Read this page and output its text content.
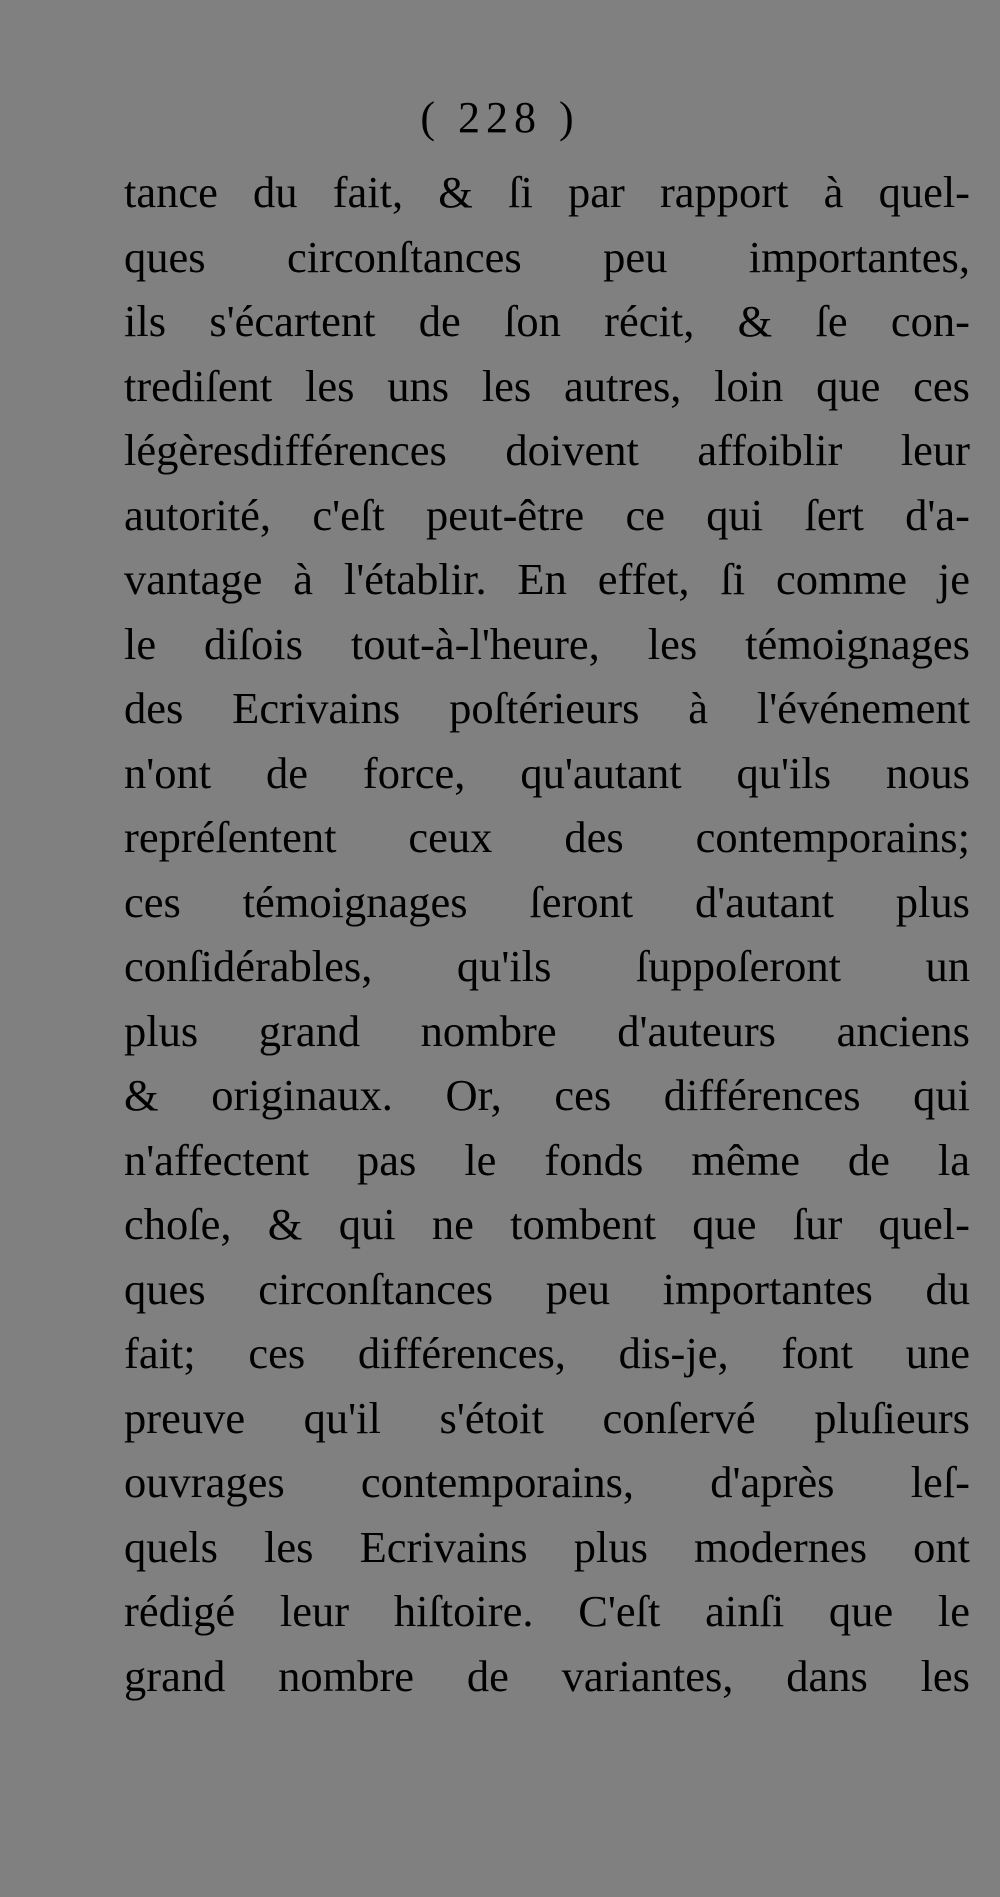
( 228 )
tance du fait, & ſi par rapport à quel-
ques circonſtances peu importantes,
ils s'écartent de ſon récit, & ſe con-
trediſent les uns les autres, loin que ces
légèresdifférences doivent affoiblir leur
autorité, c'eſt peut-être ce qui ſert d'a-
vantage à l'établir. En effet, ſi comme je
le diſois tout-à-l'heure, les témoignages
des Ecrivains poſtérieurs à l'événement
n'ont de force, qu'autant qu'ils nous
repréſentent ceux des contemporains;
ces témoignages ſeront d'autant plus
conſidérables, qu'ils ſuppoſeront un
plus grand nombre d'auteurs anciens
& originaux. Or, ces différences qui
n'affectent pas le fonds même de la
choſe, & qui ne tombent que ſur quel-
ques circonſtances peu importantes du
fait; ces différences, dis-je, font une
preuve qu'il s'étoit conſervé pluſieurs
ouvrages contemporains, d'après leſ-
quels les Ecrivains plus modernes ont
rédigé leur hiſtoire. C'eſt ainſi que le
grand nombre de variantes, dans les
